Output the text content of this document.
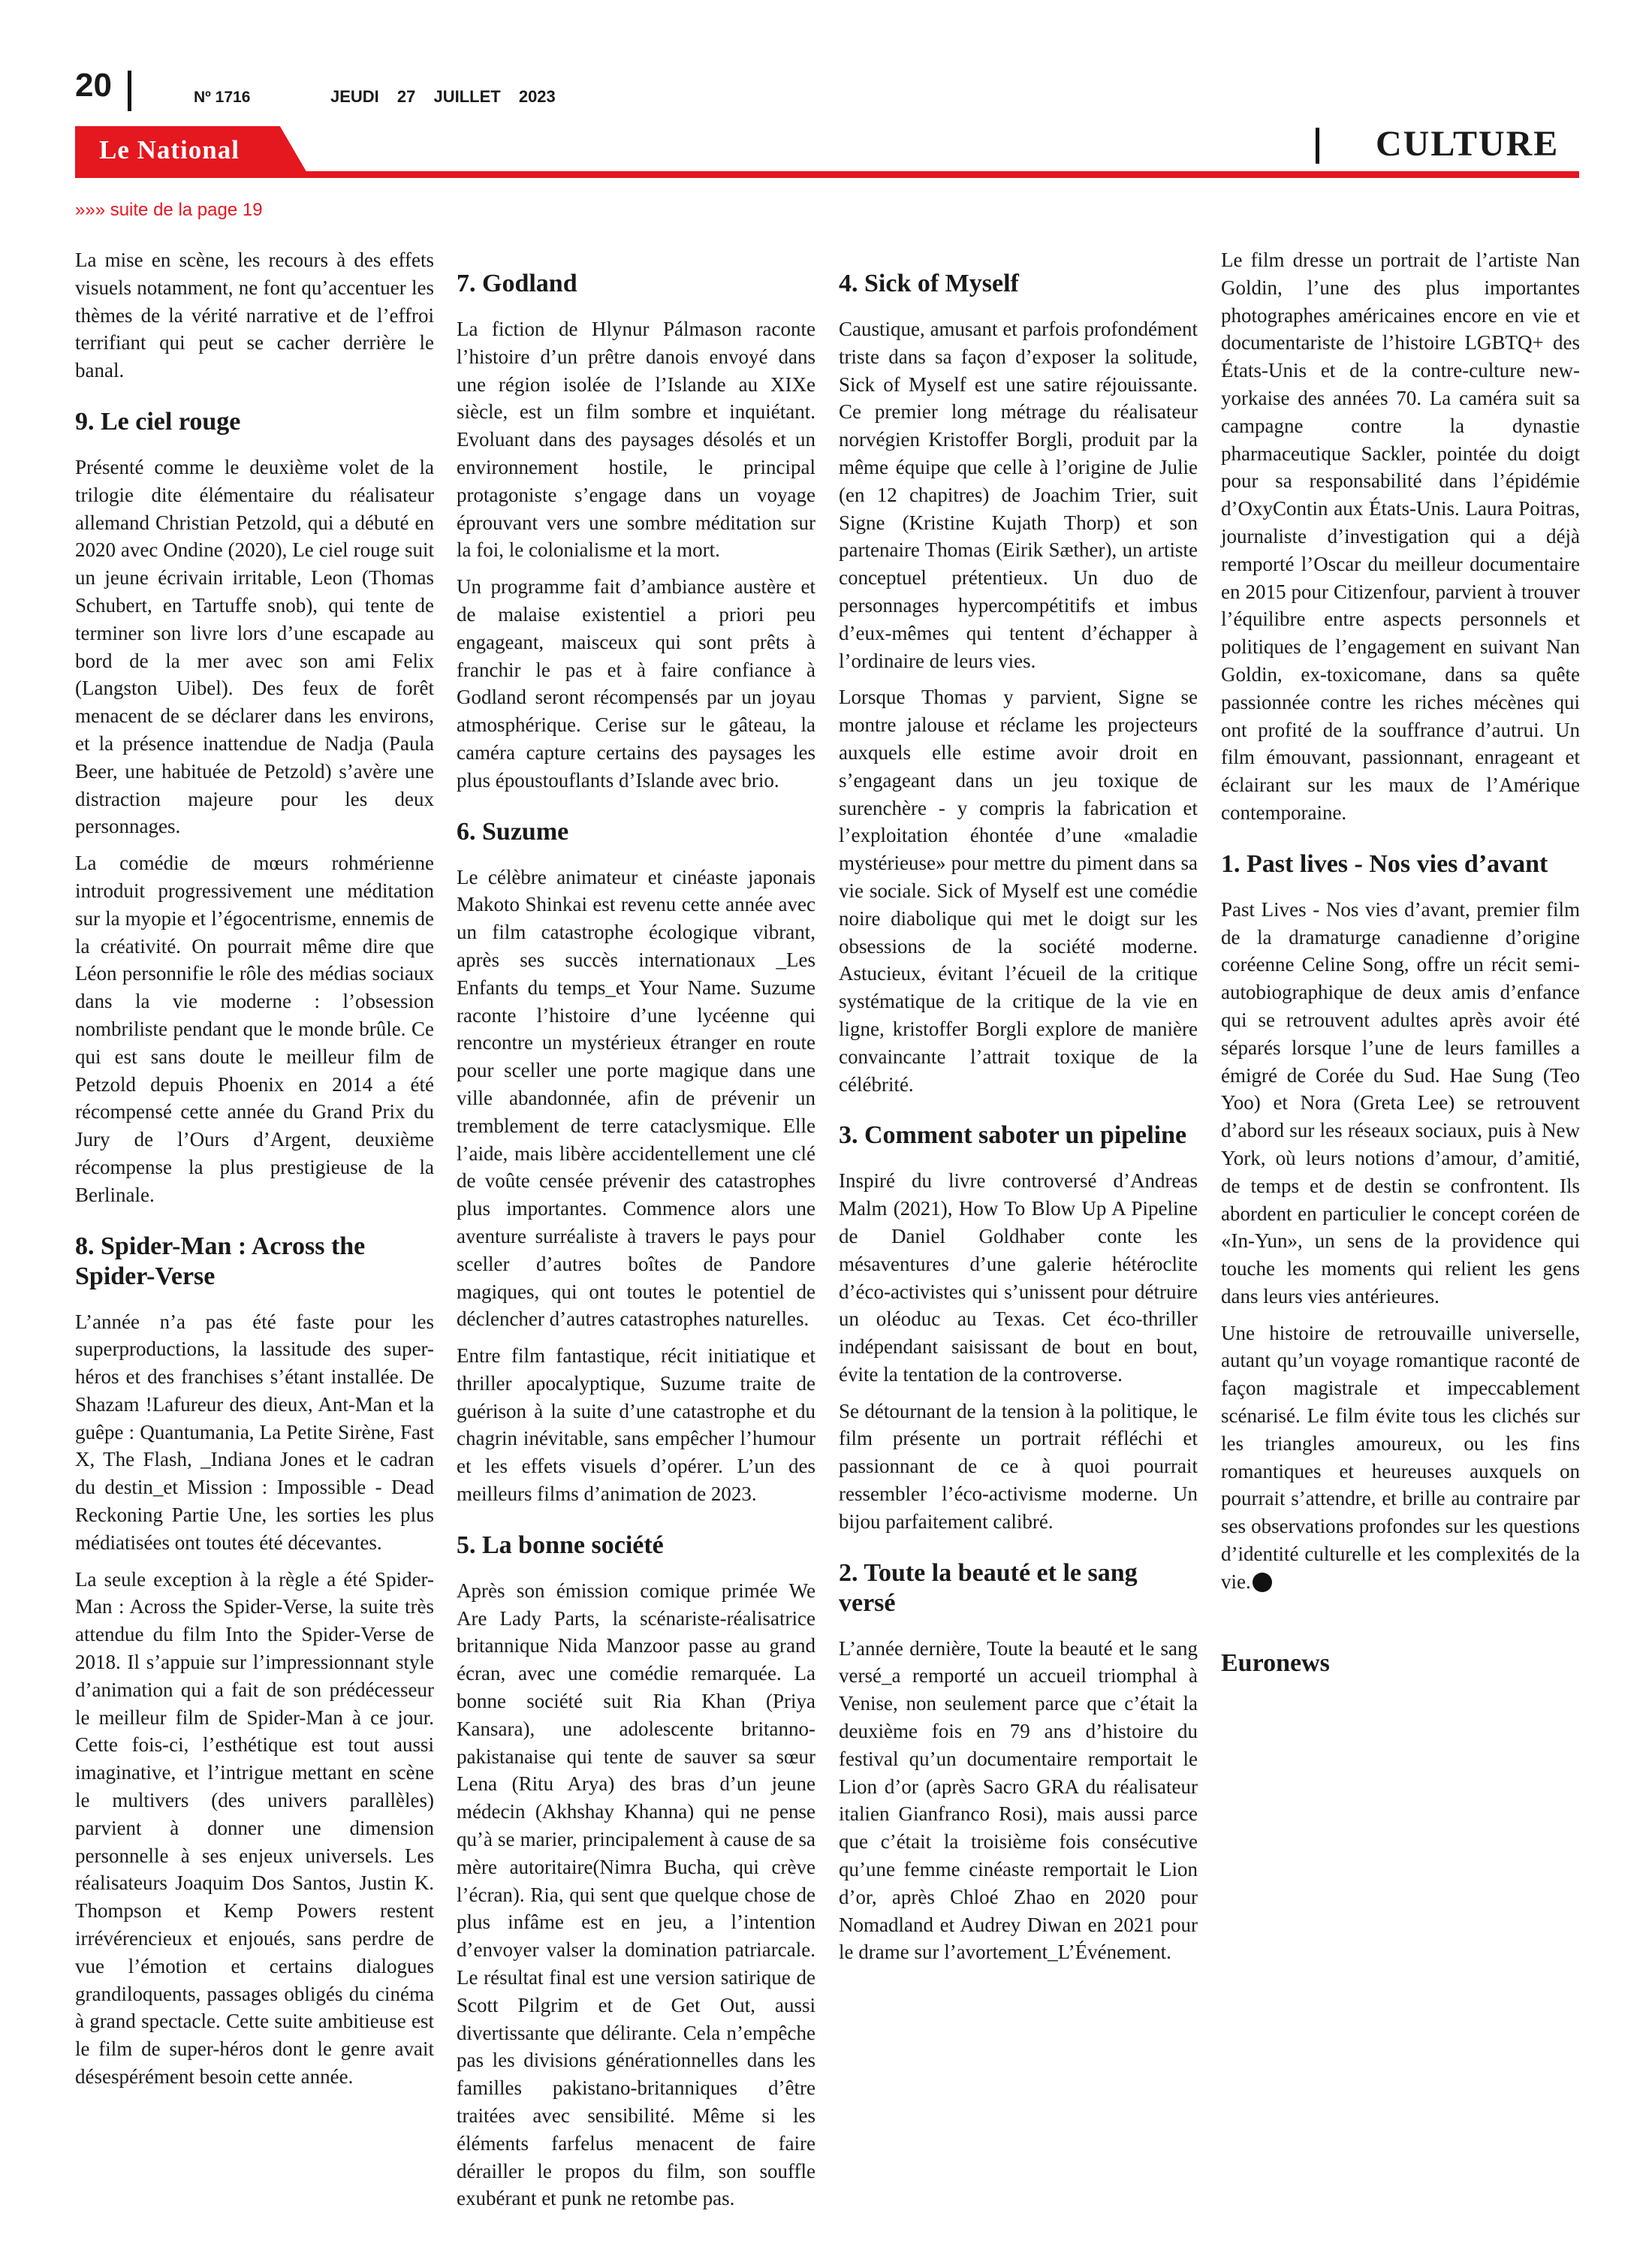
20	Nº 1716	JEUDI 27 JUILLET 2023
Le National	CULTURE
»»» suite de la page 19

La mise en scène, les recours à des effets visuels notamment, ne font qu’accentuer les thèmes de la vérité narrative et de l’effroi terrifiant qui peut se cacher derrière le banal.

9. Le ciel rouge

Présenté comme le deuxième volet de la trilogie dite élémentaire du réalisateur allemand Christian Petzold, qui a débuté en 2020 avec Ondine (2020), Le ciel rouge suit un jeune écrivain irritable, Leon (Thomas Schubert, en Tartuffe snob), qui tente de terminer son livre lors d’une escapade au bord de la mer avec son ami Felix (Langston Uibel). Des feux de forêt menacent de se déclarer dans les environs, et la présence inattendue de Nadja (Paula Beer, une habituée de Petzold) s’avère une distraction majeure pour les deux personnages.

La comédie de mœurs rohmérienne introduit progressivement une méditation sur la myopie et l’égocentrisme, ennemis de la créativité. On pourrait même dire que Léon personnifie le rôle des médias sociaux dans la vie moderne : l’obsession nombriliste pendant que le monde brûle. Ce qui est sans doute le meilleur film de Petzold depuis Phoenix en 2014 a été récompensé cette année du Grand Prix du Jury de l’Ours d’Argent, deuxième récompense la plus prestigieuse de la Berlinale.

8. Spider-Man : Across the Spider-Verse

L’année n’a pas été faste pour les superproductions, la lassitude des super-héros et des franchises s’étant installée. De Shazam !Lafureur des dieux, Ant-Man et la guêpe : Quantumania, La Petite Sirène, Fast X, The Flash, _Indiana Jones et le cadran du destin_et Mission : Impossible - Dead Reckoning Partie Une, les sorties les plus médiatisées ont toutes été décevantes.

La seule exception à la règle a été Spider-Man : Across the Spider-Verse, la suite très attendue du film Into the Spider-Verse de 2018. Il s’appuie sur l’impressionnant style d’animation qui a fait de son prédécesseur le meilleur film de Spider-Man à ce jour. Cette fois-ci, l’esthétique est tout aussi imaginative, et l’intrigue mettant en scène le multivers (des univers parallèles) parvient à donner une dimension personnelle à ses enjeux universels. Les réalisateurs Joaquim Dos Santos, Justin K. Thompson et Kemp Powers restent irrévérencieux et enjoués, sans perdre de vue l’émotion et certains dialogues grandiloquents, passages obligés du cinéma à grand spectacle. Cette suite ambitieuse est le film de super-héros dont le genre avait désespérément besoin cette année.

7. Godland

La fiction de Hlynur Pálmason raconte l’histoire d’un prêtre danois envoyé dans une région isolée de l’Islande au XIXe siècle, est un film sombre et inquiétant. Evoluant dans des paysages désolés et un environnement hostile, le principal protagoniste s’engage dans un voyage éprouvant vers une sombre méditation sur la foi, le colonialisme et la mort.

Un programme fait d’ambiance austère et de malaise existentiel a priori peu engageant, maisceux qui sont prêts à franchir le pas et à faire confiance à Godland seront récompensés par un joyau atmosphérique. Cerise sur le gâteau, la caméra capture certains des paysages les plus époustouflants d’Islande avec brio.

6. Suzume

Le célèbre animateur et cinéaste japonais Makoto Shinkai est revenu cette année avec un film catastrophe écologique vibrant, après ses succès internationaux _Les Enfants du temps_et Your Name. Suzume raconte l’histoire d’une lycéenne qui rencontre un mystérieux étranger en route pour sceller une porte magique dans une ville abandonnée, afin de prévenir un tremblement de terre cataclysmique. Elle l’aide, mais libère accidentellement une clé de voûte censée prévenir des catastrophes plus importantes. Commence alors une aventure surréaliste à travers le pays pour sceller d’autres boîtes de Pandore magiques, qui ont toutes le potentiel de déclencher d’autres catastrophes naturelles.

Entre film fantastique, récit initiatique et thriller apocalyptique, Suzume traite de guérison à la suite d’une catastrophe et du chagrin inévitable, sans empêcher l’humour et les effets visuels d’opérer. L’un des meilleurs films d’animation de 2023.

5. La bonne société

Après son émission comique primée We Are Lady Parts, la scénariste-réalisatrice britannique Nida Manzoor passe au grand écran, avec une comédie remarquée. La bonne société suit Ria Khan (Priya Kansara), une adolescente britanno-pakistanaise qui tente de sauver sa sœur Lena (Ritu Arya) des bras d’un jeune médecin (Akhshay Khanna) qui ne pense qu’à se marier, principalement à cause de sa mère autoritaire(Nimra Bucha, qui crève l’écran). Ria, qui sent que quelque chose de plus infâme est en jeu, a l’intention d’envoyer valser la domination patriarcale. Le résultat final est une version satirique de Scott Pilgrim et de Get Out, aussi divertissante que délirante. Cela n’empêche pas les divisions générationnelles dans les familles pakistano-britanniques d’être traitées avec sensibilité. Même si les éléments farfelus menacent de faire dérailler le propos du film, son souffle exubérant et punk ne retombe pas.

4. Sick of Myself

Caustique, amusant et parfois profondément triste dans sa façon d’exposer la solitude, Sick of Myself est une satire réjouissante. Ce premier long métrage du réalisateur norvégien Kristoffer Borgli, produit par la même équipe que celle à l’origine de Julie (en 12 chapitres) de Joachim Trier, suit Signe (Kristine Kujath Thorp) et son partenaire Thomas (Eirik Sæther), un artiste conceptuel prétentieux. Un duo de personnages hypercompétitifs et imbus d’eux-mêmes qui tentent d’échapper à l’ordinaire de leurs vies.

Lorsque Thomas y parvient, Signe se montre jalouse et réclame les projecteurs auxquels elle estime avoir droit en s’engageant dans un jeu toxique de surenchère - y compris la fabrication et l’exploitation éhontée d’une «maladie mystérieuse» pour mettre du piment dans sa vie sociale. Sick of Myself est une comédie noire diabolique qui met le doigt sur les obsessions de la société moderne. Astucieux, évitant l’écueil de la critique systématique de la critique de la vie en ligne, kristoffer Borgli explore de manière convaincante l’attrait toxique de la célébrité.

3. Comment saboter un pipeline

Inspiré du livre controversé d’Andreas Malm (2021), How To Blow Up A Pipeline de Daniel Goldhaber conte les mésaventures d’une galerie hétéroclite d’éco-activistes qui s’unissent pour détruire un oléoduc au Texas. Cet éco-thriller indépendant saisissant de bout en bout, évite la tentation de la controverse.

Se détournant de la tension à la politique, le film présente un portrait réfléchi et passionnant de ce à quoi pourrait ressembler l’éco-activisme moderne. Un bijou parfaitement calibré.

2. Toute la beauté et le sang versé

L’année dernière, Toute la beauté et le sang versé_a remporté un accueil triomphal à Venise, non seulement parce que c’était la deuxième fois en 79 ans d’histoire du festival qu’un documentaire remportait le Lion d’or (après Sacro GRA du réalisateur italien Gianfranco Rosi), mais aussi parce que c’était la troisième fois consécutive qu’une femme cinéaste remportait le Lion d’or, après Chloé Zhao en 2020 pour Nomadland et Audrey Diwan en 2021 pour le drame sur l’avortement_L’Événement.

Le film dresse un portrait de l’artiste Nan Goldin, l’une des plus importantes photographes américaines encore en vie et documentariste de l’histoire LGBTQ+ des États-Unis et de la contre-culture new-yorkaise des années 70. La caméra suit sa campagne contre la dynastie pharmaceutique Sackler, pointée du doigt pour sa responsabilité dans l’épidémie d’OxyContin aux États-Unis. Laura Poitras, journaliste d’investigation qui a déjà remporté l’Oscar du meilleur documentaire en 2015 pour Citizenfour, parvient à trouver l’équilibre entre aspects personnels et politiques de l’engagement en suivant Nan Goldin, ex-toxicomane, dans sa quête passionnée contre les riches mécènes qui ont profité de la souffrance d’autrui. Un film émouvant, passionnant, enrageant et éclairant sur les maux de l’Amérique contemporaine.

1. Past lives - Nos vies d’avant

Past Lives - Nos vies d’avant, premier film de la dramaturge canadienne d’origine coréenne Celine Song, offre un récit semi-autobiographique de deux amis d’enfance qui se retrouvent adultes après avoir été séparés lorsque l’une de leurs familles a émigré de Corée du Sud. Hae Sung (Teo Yoo) et Nora (Greta Lee) se retrouvent d’abord sur les réseaux sociaux, puis à New York, où leurs notions d’amour, d’amitié, de temps et de destin se confrontent. Ils abordent en particulier le concept coréen de «In-Yun», un sens de la providence qui touche les moments qui relient les gens dans leurs vies antérieures.

Une histoire de retrouvaille universelle, autant qu’un voyage romantique raconté de façon magistrale et impeccablement scénarisé. Le film évite tous les clichés sur les triangles amoureux, ou les fins romantiques et heureuses auxquels on pourrait s’attendre, et brille au contraire par ses observations profondes sur les questions d’identité culturelle et les complexités de la vie.

Euronews
